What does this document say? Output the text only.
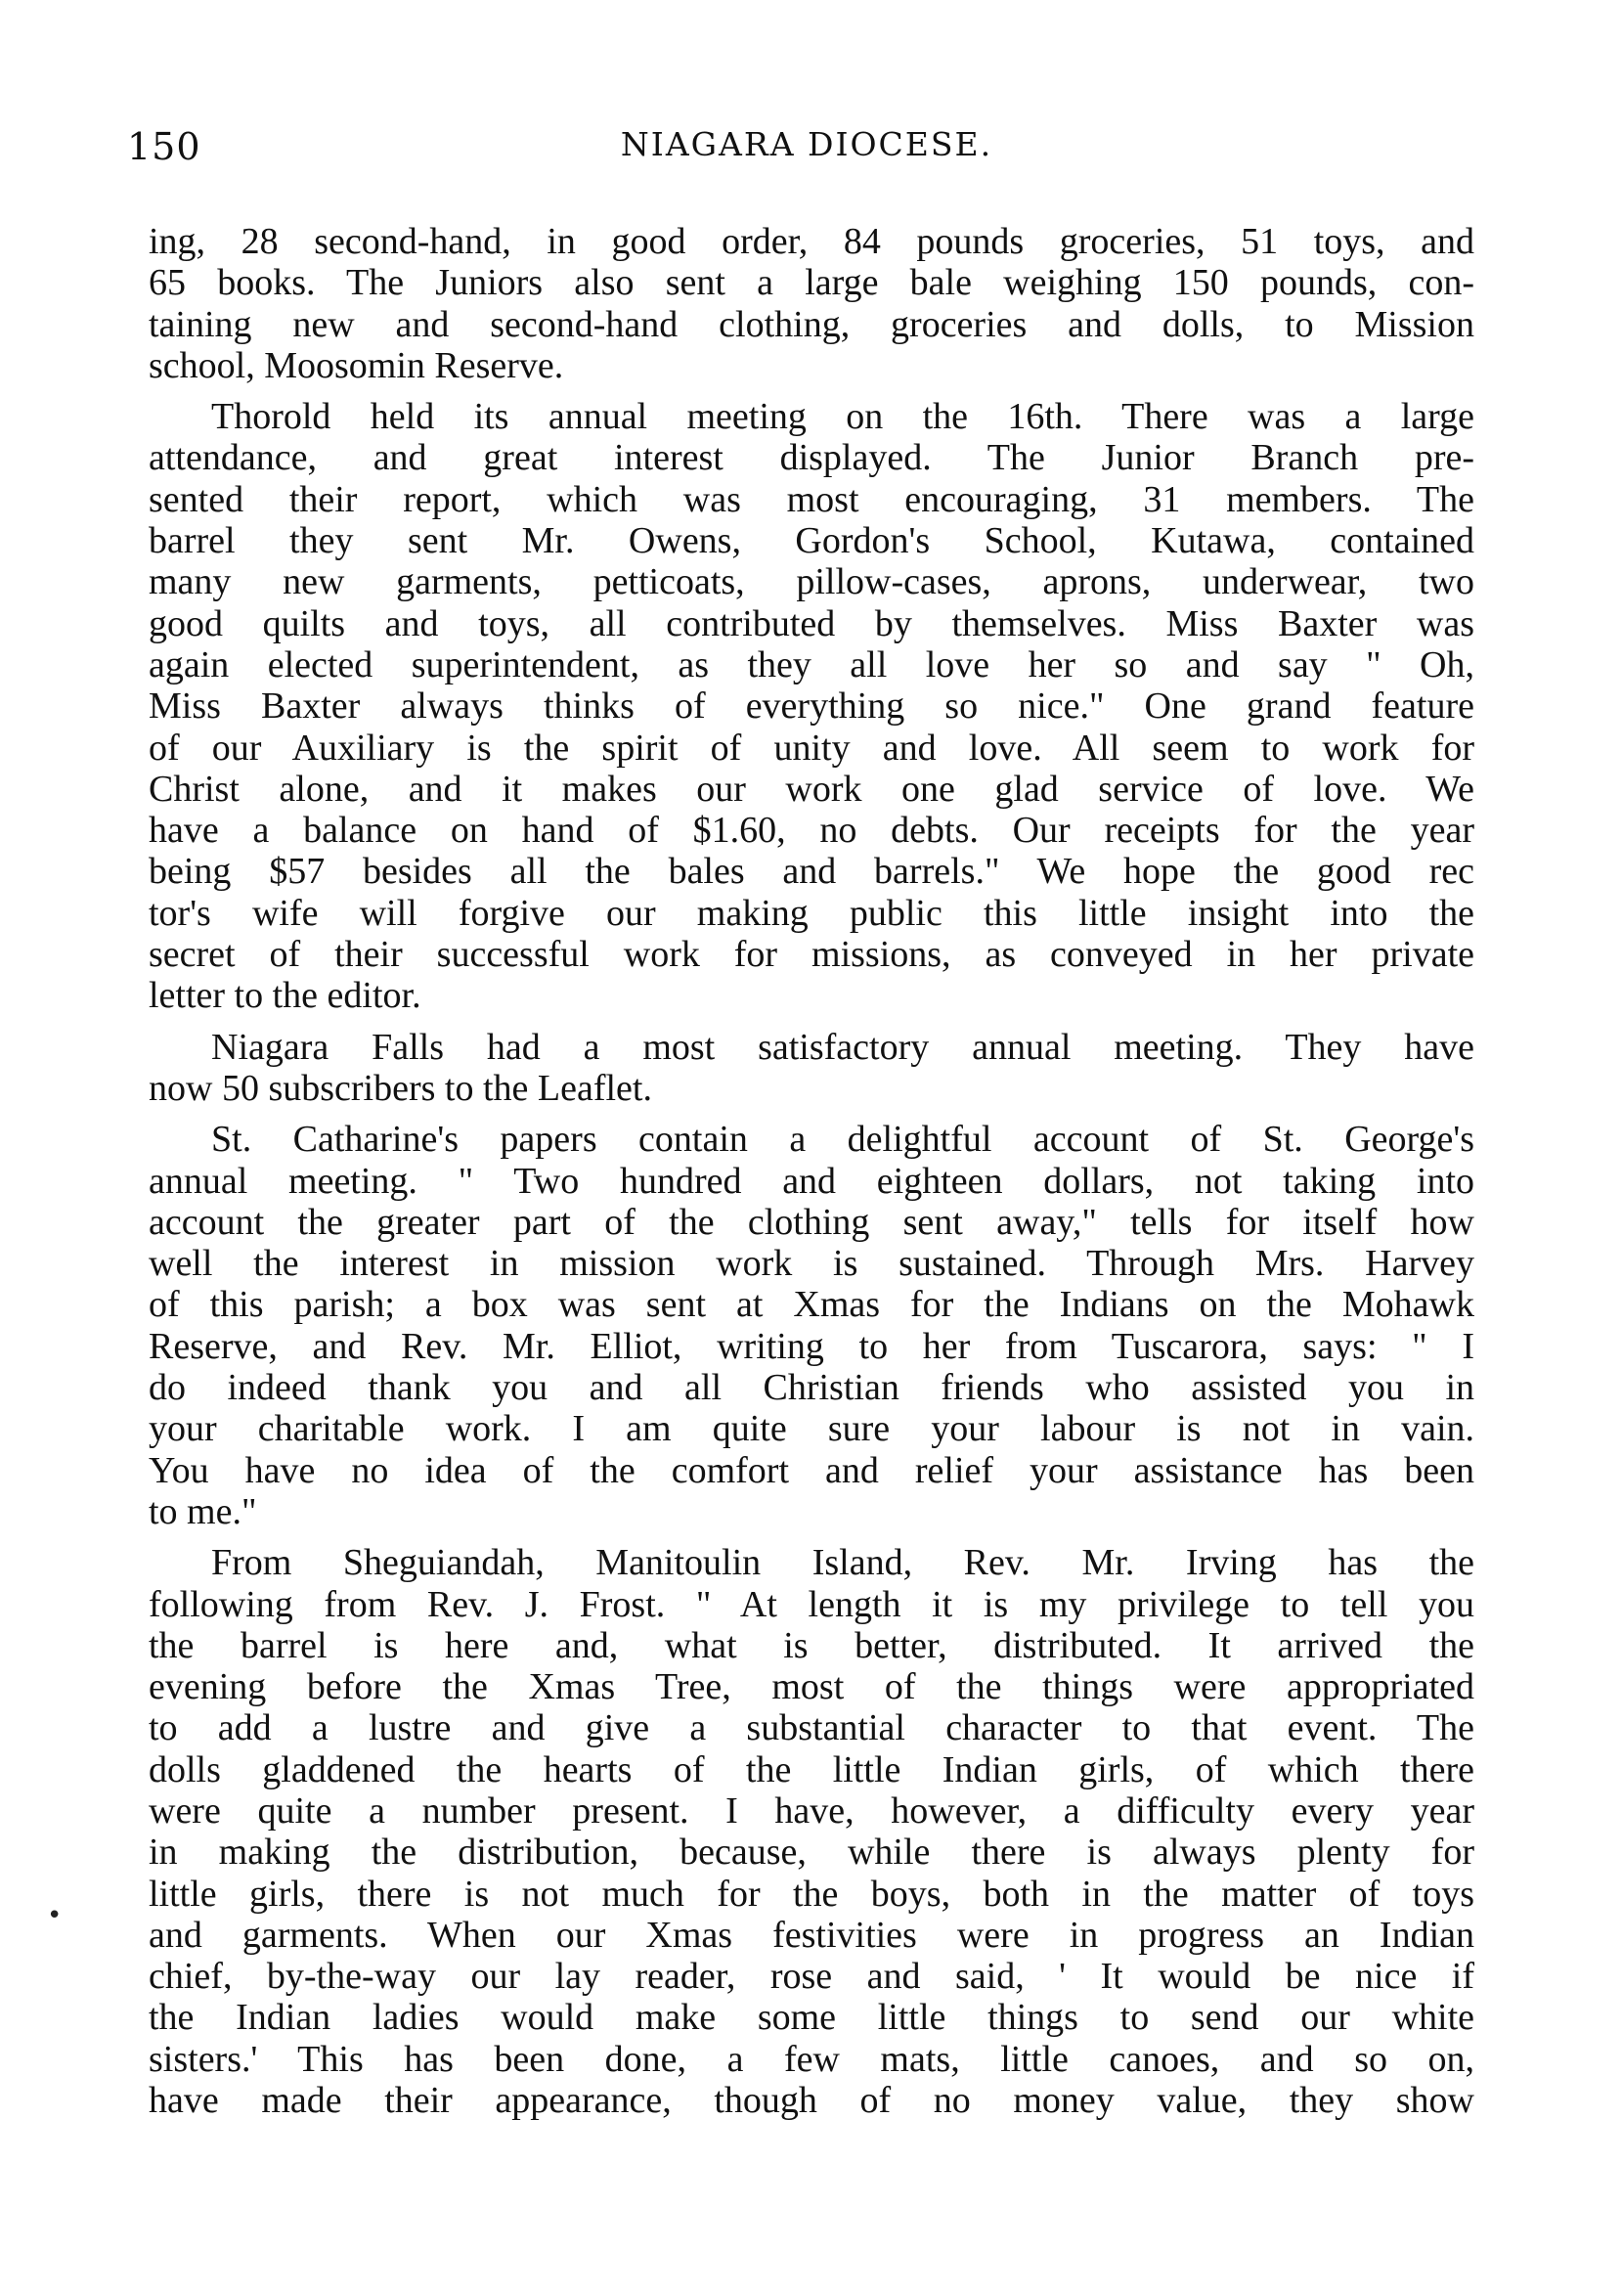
150	NIAGARA DIOCESE.
ing, 28 second-hand, in good order, 84 pounds groceries, 51 toys, and
65 books. The Juniors also sent a large bale weighing 150 pounds, con-
taining new and second-hand clothing, groceries and dolls, to Mission
school, Moosomin Reserve.
Thorold held its annual meeting on the 16th. There was a large
attendance, and great interest displayed. The Junior Branch pre-
sented their report, which was most encouraging, 31 members. The
barrel they sent Mr. Owens, Gordon's School, Kutawa, contained
many new garments, petticoats, pillow-cases, aprons, underwear, two
good quilts and toys, all contributed by themselves. Miss Baxter was
again elected superintendent, as they all love her so and say " Oh,
Miss Baxter always thinks of everything so nice." One grand feature
of our Auxiliary is the spirit of unity and love. All seem to work for
Christ alone, and it makes our work one glad service of love. We
have a balance on hand of $1.60, no debts. Our receipts for the year
being $57 besides all the bales and barrels." We hope the good rec
tor's wife will forgive our making public this little insight into the
secret of their successful work for missions, as conveyed in her private
letter to the editor.
Niagara Falls had a most satisfactory annual meeting. They have
now 50 subscribers to the Leaflet.
St. Catharine's papers contain a delightful account of St. George's
annual meeting. " Two hundred and eighteen dollars, not taking into
account the greater part of the clothing sent away," tells for itself how
well the interest in mission work is sustained. Through Mrs. Harvey
of this parish; a box was sent at Xmas for the Indians on the Mohawk
Reserve, and Rev. Mr. Elliot, writing to her from Tuscarora, says: " I
do indeed thank you and all Christian friends who assisted you in
your charitable work. I am quite sure your labour is not in vain.
You have no idea of the comfort and relief your assistance has been
to me."
From Sheguiandah, Manitoulin Island, Rev. Mr. Irving has the
following from Rev. J. Frost. " At length it is my privilege to tell you
the barrel is here and, what is better, distributed. It arrived the
evening before the Xmas Tree, most of the things were appropriated
to add a lustre and give a substantial character to that event. The
dolls gladdened the hearts of the little Indian girls, of which there
were quite a number present. I have, however, a difficulty every year
in making the distribution, because, while there is always plenty for
little girls, there is not much for the boys, both in the matter of toys
and garments. When our Xmas festivities were in progress an Indian
chief, by-the-way our lay reader, rose and said, ' It would be nice if
the Indian ladies would make some little things to send our white
sisters.' This has been done, a few mats, little canoes, and so on,
have made their appearance, though of no money value, they show
•
